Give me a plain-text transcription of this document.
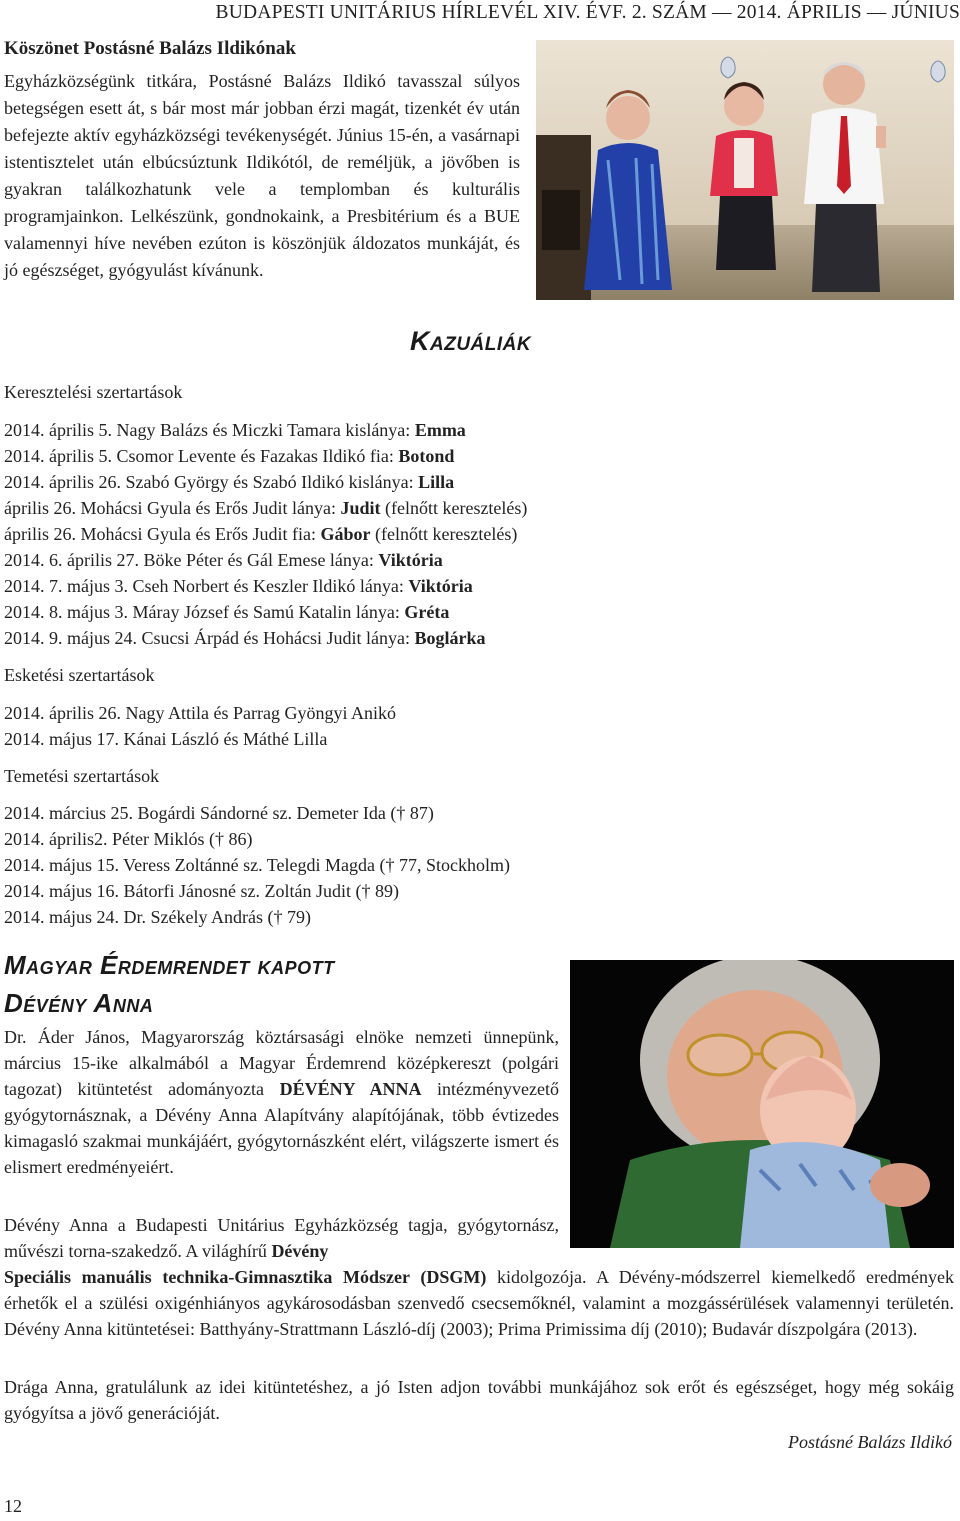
BUDAPESTI UNITÁRIUS HÍRLEVÉL XIV. ÉVF. 2. SZÁM — 2014. ÁPRILIS — JÚNIUS
Köszönet Postásné Balázs Ildikónak
Egyházközségünk titkára, Postásné Balázs Ildikó tavasszal súlyos betegségen esett át, s bár most már jobban érzi magát, tizenkét év után befejezte aktív egyházközségi tevékenységét. Június 15-én, a vasárnapi istentisztelet után elbúcsúztunk Ildikótól, de reméljük, a jövőben is gyakran találkozhatunk vele a templomban és kulturális programjainkon. Lelkészünk, gondnokaink, a Presbitérium és a BUE valamennyi híve nevében ezúton is köszönjük áldozatos munkáját, és jó egészséget, gyógyulást kívánunk.
Kazuáliák
Keresztelési szertartások
2014. április 5. Nagy Balázs és Miczki Tamara kislánya: Emma
2014. április 5. Csomor Levente és Fazakas Ildikó fia: Botond
2014. április 26. Szabó György és Szabó Ildikó kislánya: Lilla
április 26. Mohácsi Gyula és Erős Judit lánya: Judit (felnőtt keresztelés)
április 26. Mohácsi Gyula és Erős Judit fia: Gábor (felnőtt keresztelés)
2014. 6. április 27. Böke Péter és Gál Emese lánya: Viktória
2014. 7. május 3. Cseh Norbert és Keszler Ildikó lánya: Viktória
2014. 8. május 3. Máray József és Samú Katalin lánya: Gréta
2014. 9. május 24. Csucsi Árpád és Hohácsi Judit lánya: Boglárka
Esketési szertartások
2014. április 26. Nagy Attila és Parrag Gyöngyi Anikó
2014. május 17. Kánai László és Máthé Lilla
Temetési szertartások
2014. március 25. Bogárdi Sándorné sz. Demeter Ida († 87)
2014. április2. Péter Miklós († 86)
2014. május 15. Veress Zoltánné sz. Telegdi Magda († 77, Stockholm)
2014. május 16. Bátorfi Jánosné sz. Zoltán Judit († 89)
2014. május 24. Dr. Székely András († 79)
Magyar Érdemrendet kapott
Dévény Anna
Dr. Áder János, Magyarország köztársasági elnöke nemzeti ünnepünk, március 15-ike alkalmából a Magyar Érdemrend középkereszt (polgári tagozat) kitüntetést adományozta DÉVÉNY ANNA intézményvezető gyógytornásznak, a Dévény Anna Alapítvány alapítójának, több évtizedes kimagasló szakmai munkájáért, gyógytornászként elért, világszerte ismert és elismert eredményeiért.
Dévény Anna a Budapesti Unitárius Egyházközség tagja, gyógytornász, művészi torna-szakedző. A világhírű Dévény
Speciális manuális technika-Gimnasztika Módszer (DSGM) kidolgozója. A Dévény-módszerrel kiemelkedő eredmények érhetők el a szülési oxigénhiányos agykárosodásban szenvedő csecsemőknél, valamint a mozgássérülések valamennyi területén. Dévény Anna kitüntetései: Batthyány-Strattmann László-díj (2003); Prima Primissima díj (2010); Budavár díszpolgára (2013).
Drága Anna, gratulálunk az idei kitüntetéshez, a jó Isten adjon további munkájához sok erőt és egészséget, hogy még sokáig gyógyítsa a jövő generációját.
Postásné Balázs Ildikó
12
